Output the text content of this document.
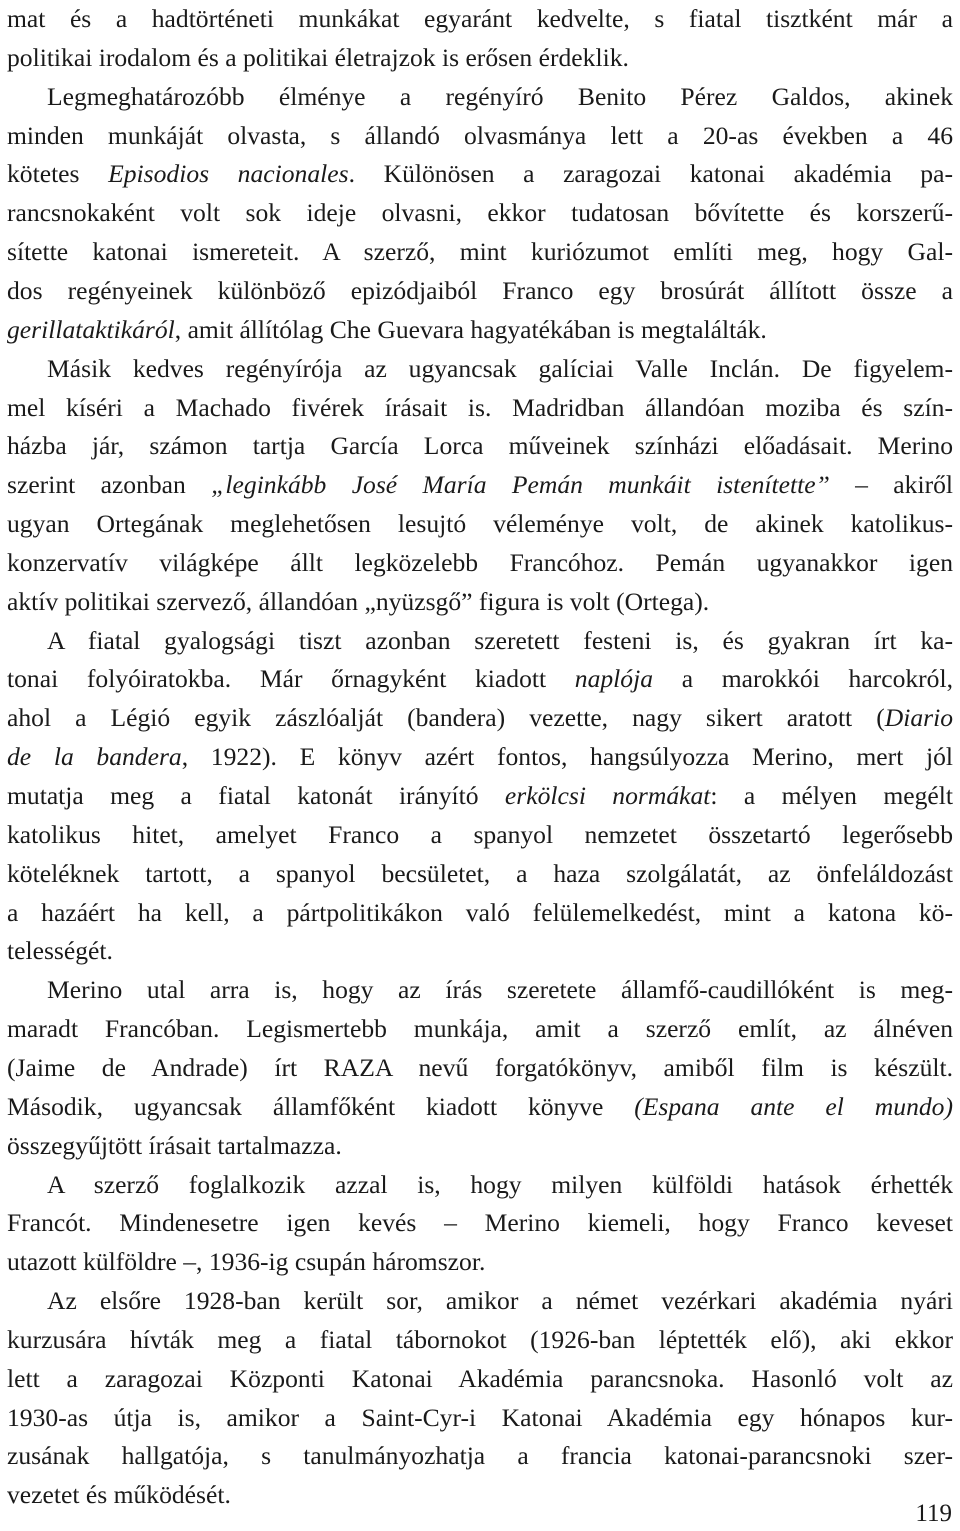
mat és a hadtörténeti munkákat egyaránt kedvelte, s fiatal tisztként már a
politikai irodalom és a politikai életrajzok is erősen érdeklik.
Legmeghatározóbb élménye a regényíró Benito Pérez Galdos, akinek
minden munkáját olvasta, s állandó olvasmánya lett a 20-as években a 46
kötetes Episodios nacionales. Különösen a zaragozai katonai akadémia pa-
rancsnokaként volt sok ideje olvasni, ekkor tudatosan bővítette és korszerű-
sítette katonai ismereteit. A szerző, mint kuriózumot említi meg, hogy Gal-
dos regényeinek különböző epizódjaiból Franco egy brosúrát állított össze a
gerillataktikáról, amit állítólag Che Guevara hagyatékában is megtalálták.
Másik kedves regényírója az ugyancsak galíciai Valle Inclán. De figyelem-
mel kíséri a Machado fivérek írásait is. Madridban állandóan moziba és szín-
házba jár, számon tartja García Lorca műveinek színházi előadásait. Merino
szerint azonban „leginkább José María Pemán munkáit istenítette” – akiről
ugyan Ortegának meglehetősen lesujtó véleménye volt, de akinek katolikus-
konzervatív világképe állt legközelebb Francóhoz. Pemán ugyanakkor igen
aktív politikai szervező, állandóan „nyüzsgő” figura is volt (Ortega).
A fiatal gyalogsági tiszt azonban szeretett festeni is, és gyakran írt ka-
tonai folyóiratokba. Már őrnagyként kiadott naplója a marokkói harcokról,
ahol a Légió egyik zászlóalját (bandera) vezette, nagy sikert aratott (Diario
de la bandera, 1922). E könyv azért fontos, hangsúlyozza Merino, mert jól
mutatja meg a fiatal katonát irányító erkölcsi normákat: a mélyen megélt
katolikus hitet, amelyet Franco a spanyol nemzetet összetartó legerősebb
köteléknek tartott, a spanyol becsületet, a haza szolgálatát, az önfeláldozást
a hazáért ha kell, a pártpolitikákon való felülemelkedést, mint a katona kö-
telességét.
Merino utal arra is, hogy az írás szeretete államfő-caudillóként is meg-
maradt Francóban. Legismertebb munkája, amit a szerző említ, az álnéven
(Jaime de Andrade) írt RAZA nevű forgatókönyv, amiből film is készült.
Második, ugyancsak államfőként kiadott könyve (Espana ante el mundo)
összegyűjtött írásait tartalmazza.
A szerző foglalkozik azzal is, hogy milyen külföldi hatások érhették
Francót. Mindenesetre igen kevés – Merino kiemeli, hogy Franco keveset
utazott külföldre –, 1936-ig csupán háromszor.
Az elsőre 1928-ban került sor, amikor a német vezérkari akadémia nyári
kurzusára hívták meg a fiatal tábornokot (1926-ban léptették elő), aki ekkor
lett a zaragozai Központi Katonai Akadémia parancsnoka. Hasonló volt az
1930-as útja is, amikor a Saint-Cyr-i Katonai Akadémia egy hónapos kur-
zusának hallgatója, s tanulmányozhatja a francia katonai-parancsnoki szer-
vezetet és működését.
119
